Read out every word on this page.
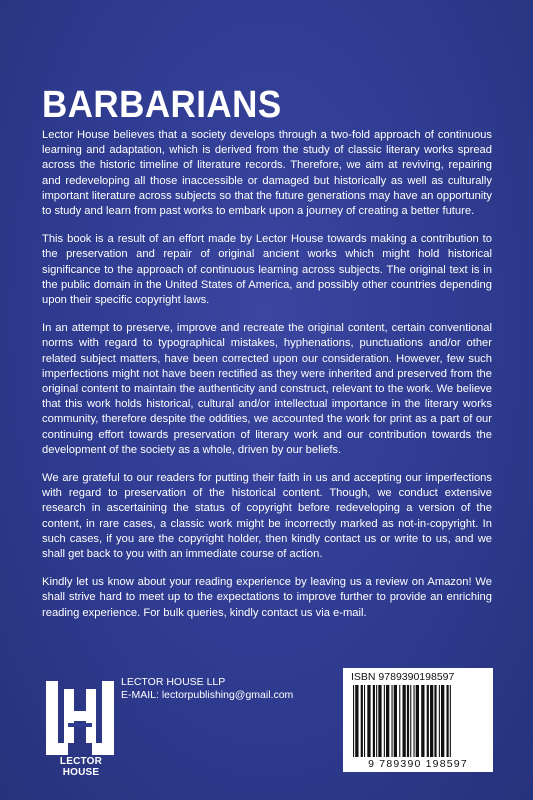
BARBARIANS

Lector House believes that a society develops through a two-fold approach of continuous learning and adaptation, which is derived from the study of classic literary works spread across the historic timeline of literature records. Therefore, we aim at reviving, repairing and redeveloping all those inaccessible or damaged but historically as well as culturally important literature across subjects so that the future generations may have an opportunity to study and learn from past works to embark upon a journey of creating a better future.

This book is a result of an effort made by Lector House towards making a contribution to the preservation and repair of original ancient works which might hold historical significance to the approach of continuous learning across subjects. The original text is in the public domain in the United States of America, and possibly other countries depending upon their specific copyright laws.

In an attempt to preserve, improve and recreate the original content, certain conventional norms with regard to typographical mistakes, hyphenations, punctuations and/or other related subject matters, have been corrected upon our consideration. However, few such imperfections might not have been rectified as they were inherited and preserved from the original content to maintain the authenticity and construct, relevant to the work. We believe that this work holds historical, cultural and/or intellectual importance in the literary works community, therefore despite the oddities, we accounted the work for print as a part of our continuing effort towards preservation of literary work and our contribution towards the development of the society as a whole, driven by our beliefs.

We are grateful to our readers for putting their faith in us and accepting our imperfections with regard to preservation of the historical content. Though, we conduct extensive research in ascertaining the status of copyright before redeveloping a version of the content, in rare cases, a classic work might be incorrectly marked as not-in-copyright. In such cases, if you are the copyright holder, then kindly contact us or write to us, and we shall get back to you with an immediate course of action.

Kindly let us know about your reading experience by leaving us a review on Amazon! We shall strive hard to meet up to the expectations to improve further to provide an enriching reading experience. For bulk queries, kindly contact us via e-mail.

LECTOR HOUSE
LECTOR HOUSE LLP
E-MAIL: lectorpublishing@gmail.com
ISBN 9789390198597
9 789390 198597
